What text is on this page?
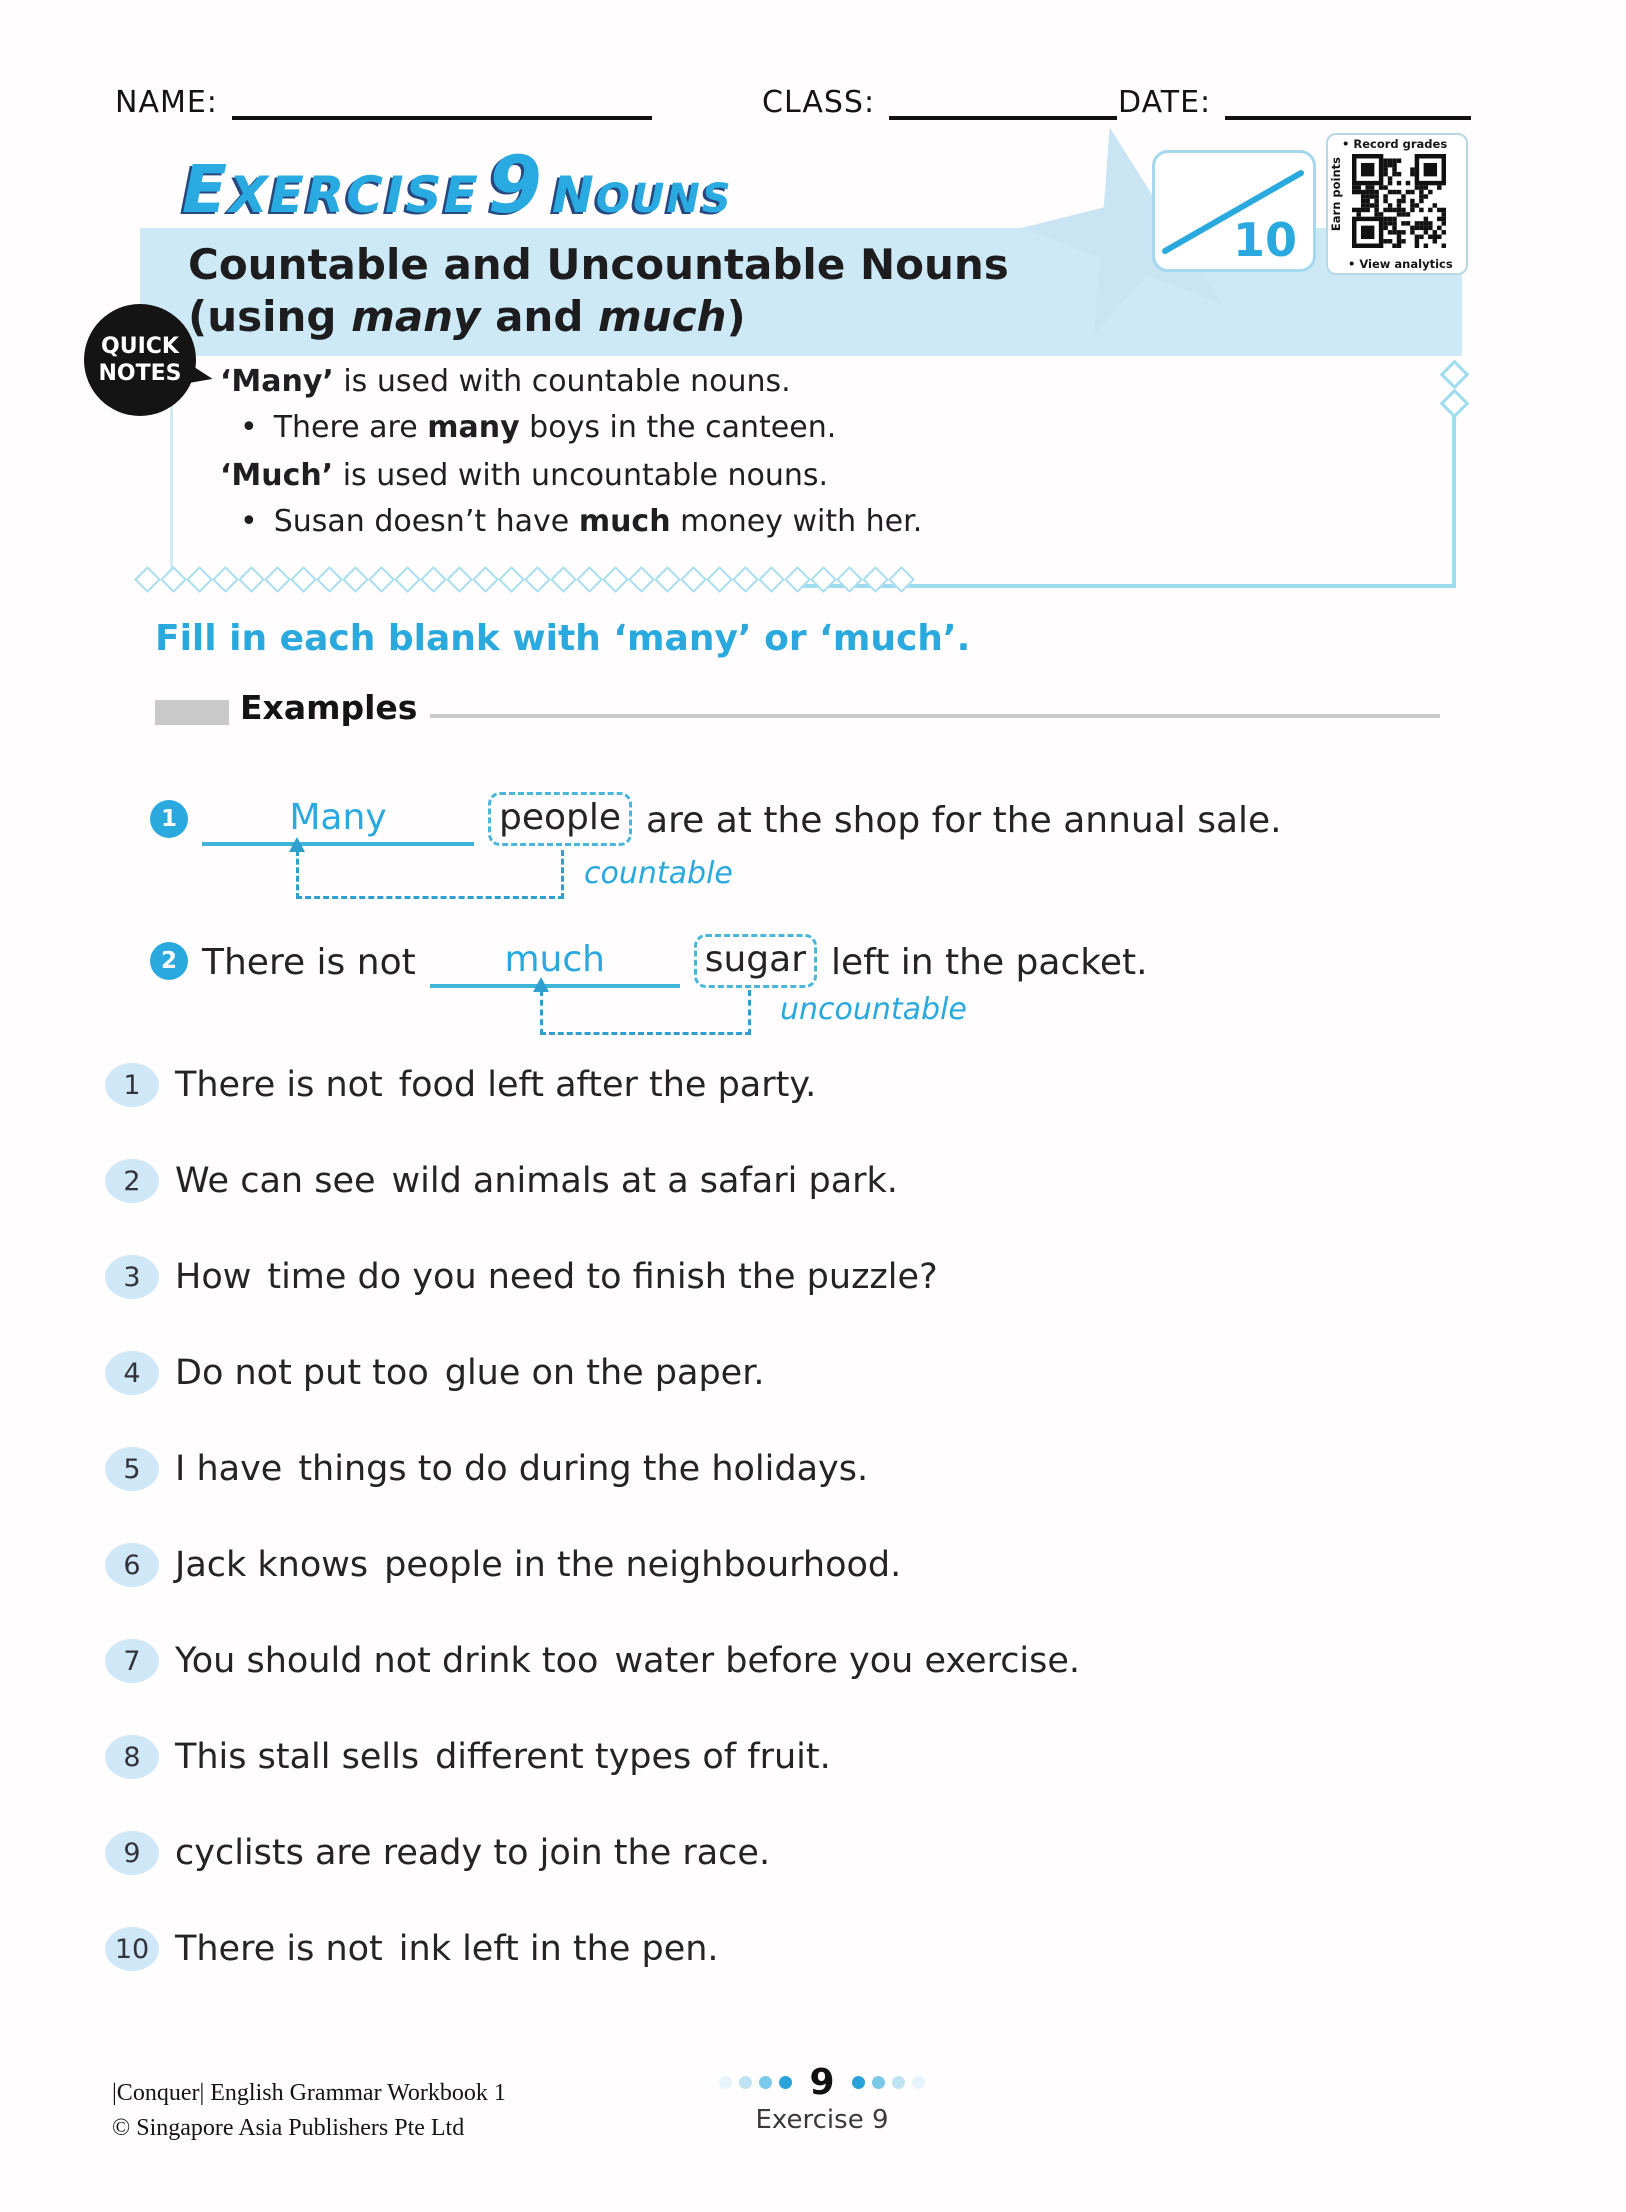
NAME:	CLASS:	DATE:
EXERCISE 9 NOUNS
Countable and Uncountable Nouns
(using many and much)
10
• Record grades
Earn points
• View analytics
QUICK
NOTES	‘Many’ is used with countable nouns.
• There are many boys in the canteen.
‘Much’ is used with uncountable nouns.
• Susan doesn’t have much money with her.
Fill in each blank with ‘many’ or ‘much’.
Examples
1	Many	people are at the shop for the annual sale.
countable
2 There is not	much	sugar left in the packet.
uncountable
1 There is not food left after the party.
2 We can see wild animals at a safari park.
3 How time do you need to finish the puzzle?
4 Do not put too glue on the paper.
5 I have things to do during the holidays.
6 Jack knows people in the neighbourhood.
7 You should not drink too water before you exercise.
8 This stall sells different types of fruit.
9 cyclists are ready to join the race.
10 There is not ink left in the pen.
|Conquer| English Grammar Workbook 1
© Singapore Asia Publishers Pte Ltd
9
Exercise 9
